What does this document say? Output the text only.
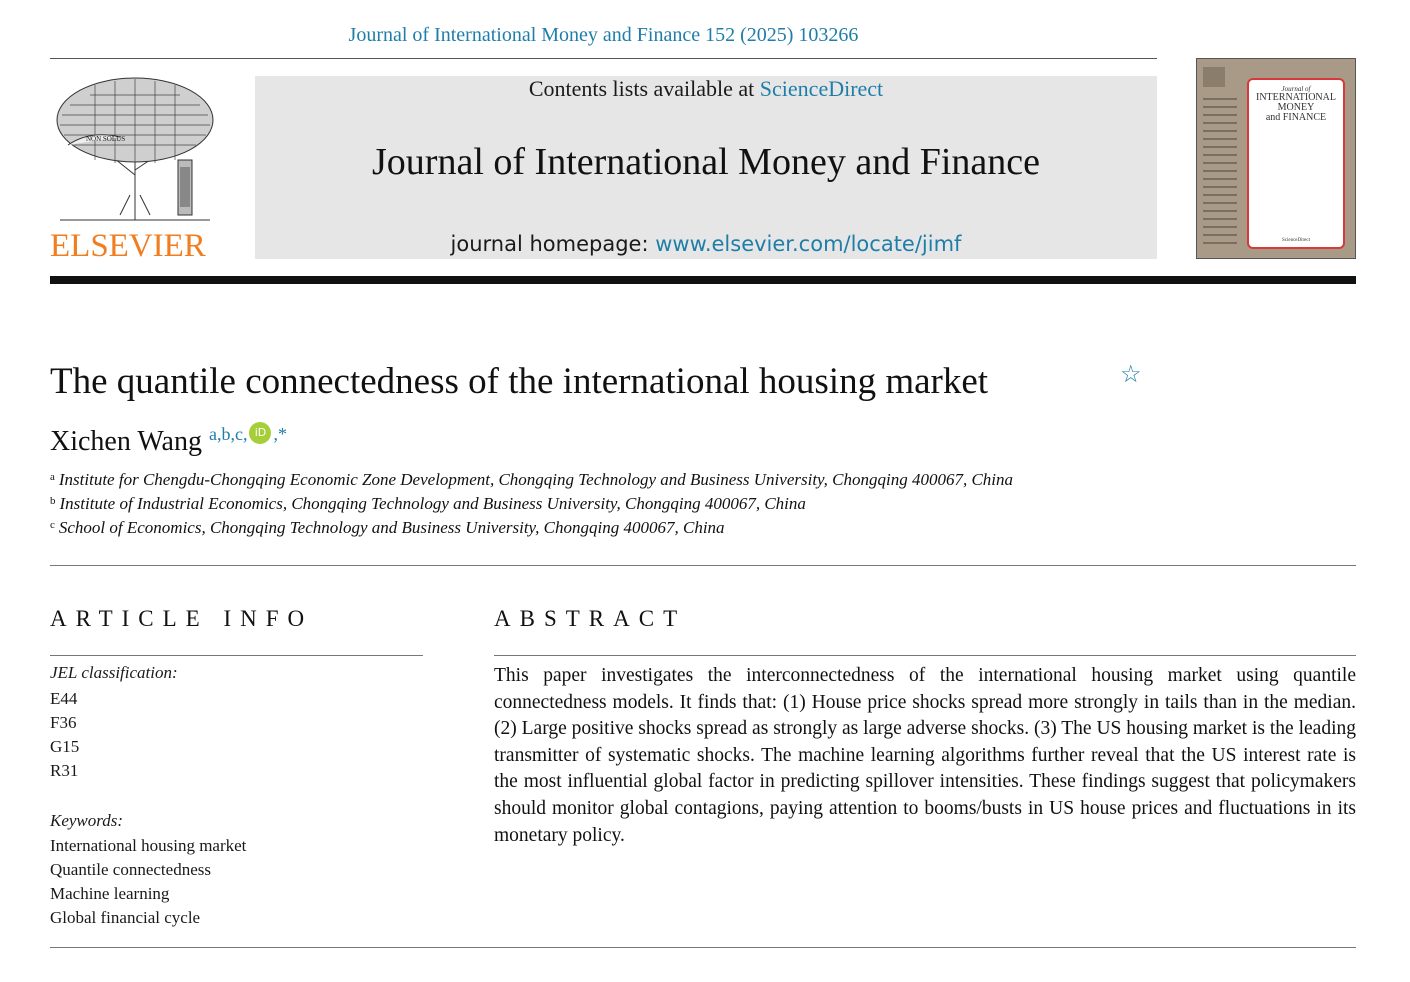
Journal of International Money and Finance 152 (2025) 103266
NON SOLUS
ELSEVIER
Contents lists available at ScienceDirect
Journal of International Money and Finance
journal homepage: www.elsevier.com/locate/jimf
Journal of
INTERNATIONAL
MONEY
and FINANCE
ScienceDirect
The quantile connectedness of the international housing market	☆
Xichen Wang $^{a,b,c,}$ iD ,*
$^a$ Institute for Chengdu-Chongqing Economic Zone Development, Chongqing Technology and Business University, Chongqing 400067, China
$^b$ Institute of Industrial Economics, Chongqing Technology and Business University, Chongqing 400067, China
$^c$ School of Economics, Chongqing Technology and Business University, Chongqing 400067, China
ARTICLE INFO
JEL classification:
E44
F36
G15
R31
Keywords:
International housing market
Quantile connectedness
Machine learning
Global financial cycle
ABSTRACT

This paper investigates the interconnectedness of the international housing market using quantile connectedness models. It finds that: (1) House price shocks spread more strongly in tails than in the median. (2) Large positive shocks spread as strongly as large adverse shocks. (3) The US housing market is the leading transmitter of systematic shocks. The machine learning algorithms further reveal that the US interest rate is the most influential global factor in predicting spillover intensities. These findings suggest that policymakers should monitor global contagions, paying attention to booms/busts in US house prices and fluctuations in its monetary policy.
